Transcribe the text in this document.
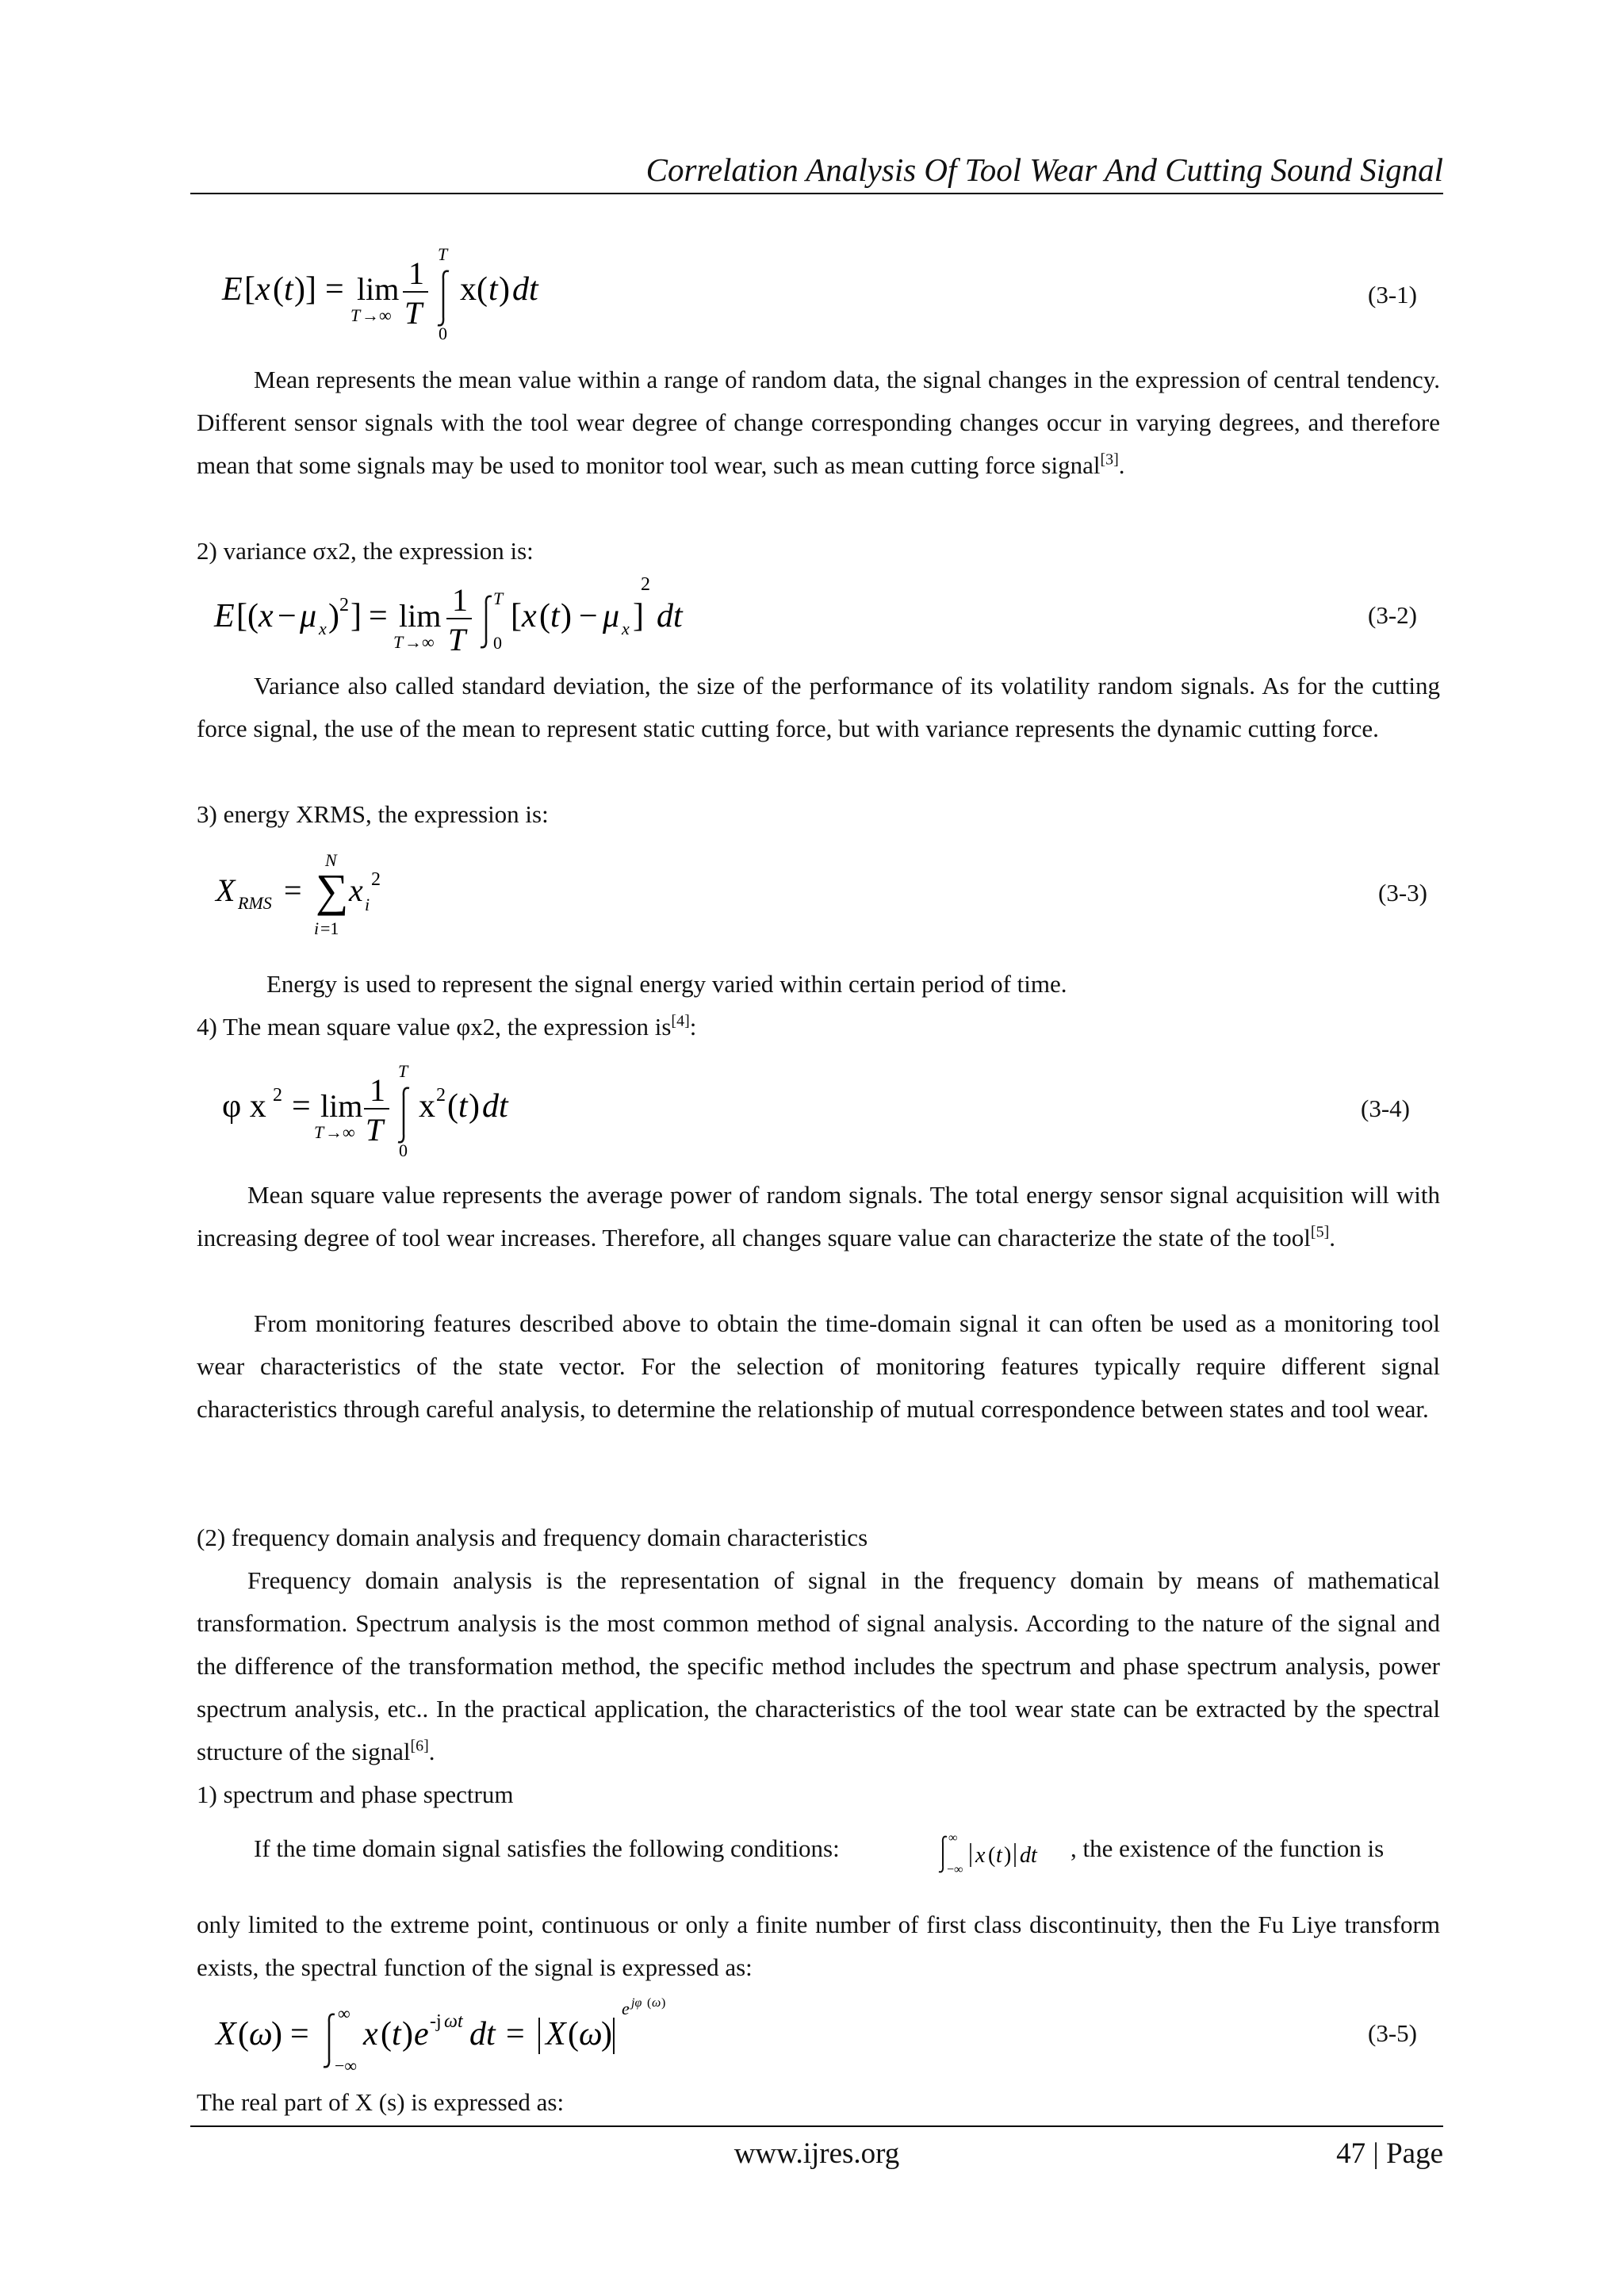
Correlation Analysis Of Tool Wear And Cutting Sound Signal
E [ x ( t )] = lim
T →∞
1
T
T
0
x( t ) dt	(3-1)
Mean represents the mean value within a range of random data, the signal changes in the expression of central tendency. Different sensor signals with the tool wear degree of change corresponding changes occur in varying degrees, and therefore mean that some signals may be used to monitor tool wear, such as mean cutting force signal[3].
2) variance σx2, the expression is:
E [( x − μ x ) 2 ] = lim
T →∞
1
T
T
0
[ x ( t ) − μ x ]
2
dt	(3-2)
Variance also called standard deviation, the size of the performance of its volatility random signals. As for the cutting force signal, the use of the mean to represent static cutting force, but with variance represents the dynamic cutting force.
3) energy XRMS, the expression is:
X RMS = ∑
N
i =1
x i
2	(3-3)
Energy is used to represent the signal energy varied within certain period of time.
4) The mean square value φx2, the expression is[4]:
φ x 2 = lim
T →∞
1
T
T
0
x 2 ( t ) dt	(3-4)
Mean square value represents the average power of random signals. The total energy sensor signal acquisition will with increasing degree of tool wear increases. Therefore, all changes square value can characterize the state of the tool[5].
From monitoring features described above to obtain the time-domain signal it can often be used as a monitoring tool wear characteristics of the state vector. For the selection of monitoring features typically require different signal characteristics through careful analysis, to determine the relationship of mutual correspondence between states and tool wear.
(2) frequency domain analysis and frequency domain characteristics
Frequency domain analysis is the representation of signal in the frequency domain by means of mathematical transformation. Spectrum analysis is the most common method of signal analysis. According to the nature of the signal and the difference of the transformation method, the specific method includes the spectrum and phase spectrum analysis, power spectrum analysis, etc.. In the practical application, the characteristics of the tool wear state can be extracted by the spectral structure of the signal[6].
1) spectrum and phase spectrum
If the time domain signal satisfies the following conditions:	∞
−∞
x ( t ) dt , the existence of the function is
only limited to the extreme point, continuous or only a finite number of first class discontinuity, then the Fu Liye transform exists, the spectral function of the signal is expressed as:
X ( ω
) =
∞
−∞
x ( t ) e -j ωt dt = X ( ω
)
e jφ ( ω )
(3-5)
The real part of X (s) is expressed as:
www.ijres.org	47 | Page
